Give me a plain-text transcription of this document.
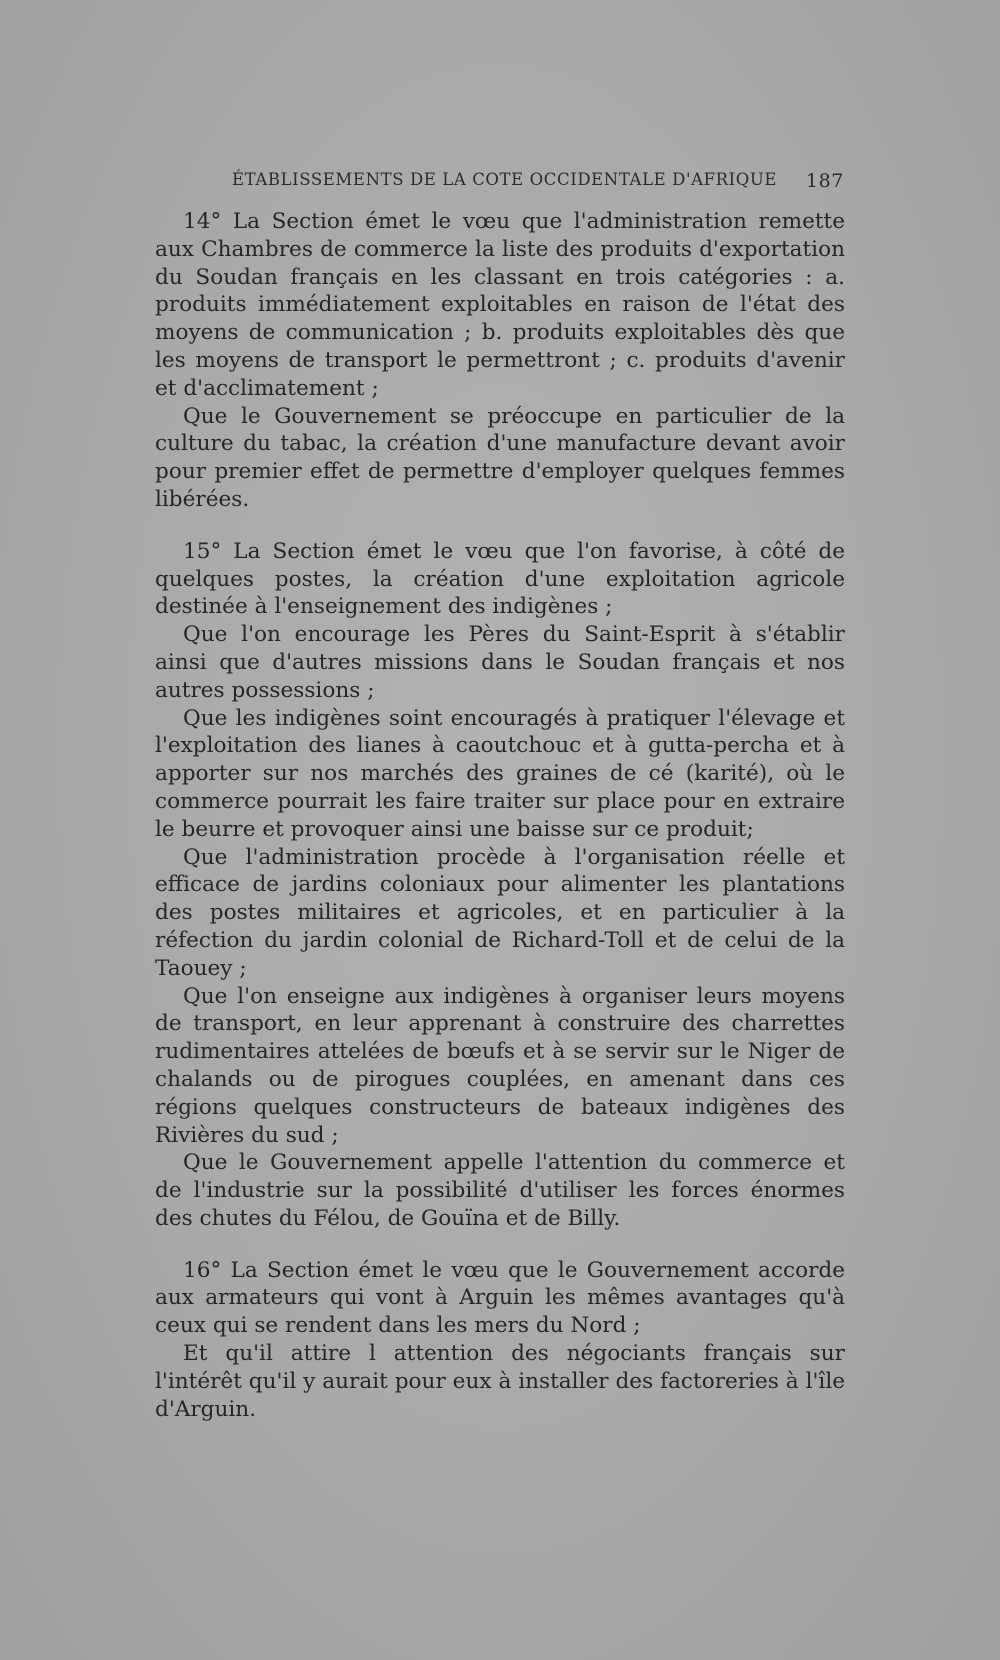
ÉTABLISSEMENTS DE LA COTE OCCIDENTALE D'AFRIQUE 187

14° La Section émet le vœu que l'administration remette aux Chambres de commerce la liste des produits d'exportation du Soudan français en les classant en trois catégories : a. produits immédiatement exploitables en raison de l'état des moyens de communication ; b. produits exploitables dès que les moyens de transport le permettront ; c. produits d'avenir et d'acclimatement ;

Que le Gouvernement se préoccupe en particulier de la culture du tabac, la création d'une manufacture devant avoir pour premier effet de permettre d'employer quelques femmes libérées.

15° La Section émet le vœu que l'on favorise, à côté de quelques postes, la création d'une exploitation agricole destinée à l'enseignement des indigènes ;

Que l'on encourage les Pères du Saint-Esprit à s'établir ainsi que d'autres missions dans le Soudan français et nos autres possessions ;

Que les indigènes soint encouragés à pratiquer l'élevage et l'exploitation des lianes à caoutchouc et à gutta-percha et à apporter sur nos marchés des graines de cé (karité), où le commerce pourrait les faire traiter sur place pour en extraire le beurre et provoquer ainsi une baisse sur ce produit;

Que l'administration procède à l'organisation réelle et efficace de jardins coloniaux pour alimenter les plantations des postes militaires et agricoles, et en particulier à la réfection du jardin colonial de Richard-Toll et de celui de la Taouey ;

Que l'on enseigne aux indigènes à organiser leurs moyens de transport, en leur apprenant à construire des charrettes rudimentaires attelées de bœufs et à se servir sur le Niger de chalands ou de pirogues couplées, en amenant dans ces régions quelques constructeurs de bateaux indigènes des Rivières du sud ;

Que le Gouvernement appelle l'attention du commerce et de l'industrie sur la possibilité d'utiliser les forces énormes des chutes du Félou, de Gouïna et de Billy.

16° La Section émet le vœu que le Gouvernement accorde aux armateurs qui vont à Arguin les mêmes avantages qu'à ceux qui se rendent dans les mers du Nord ;

Et qu'il attire l attention des négociants français sur l'intérêt qu'il y aurait pour eux à installer des factoreries à l'île d'Arguin.
